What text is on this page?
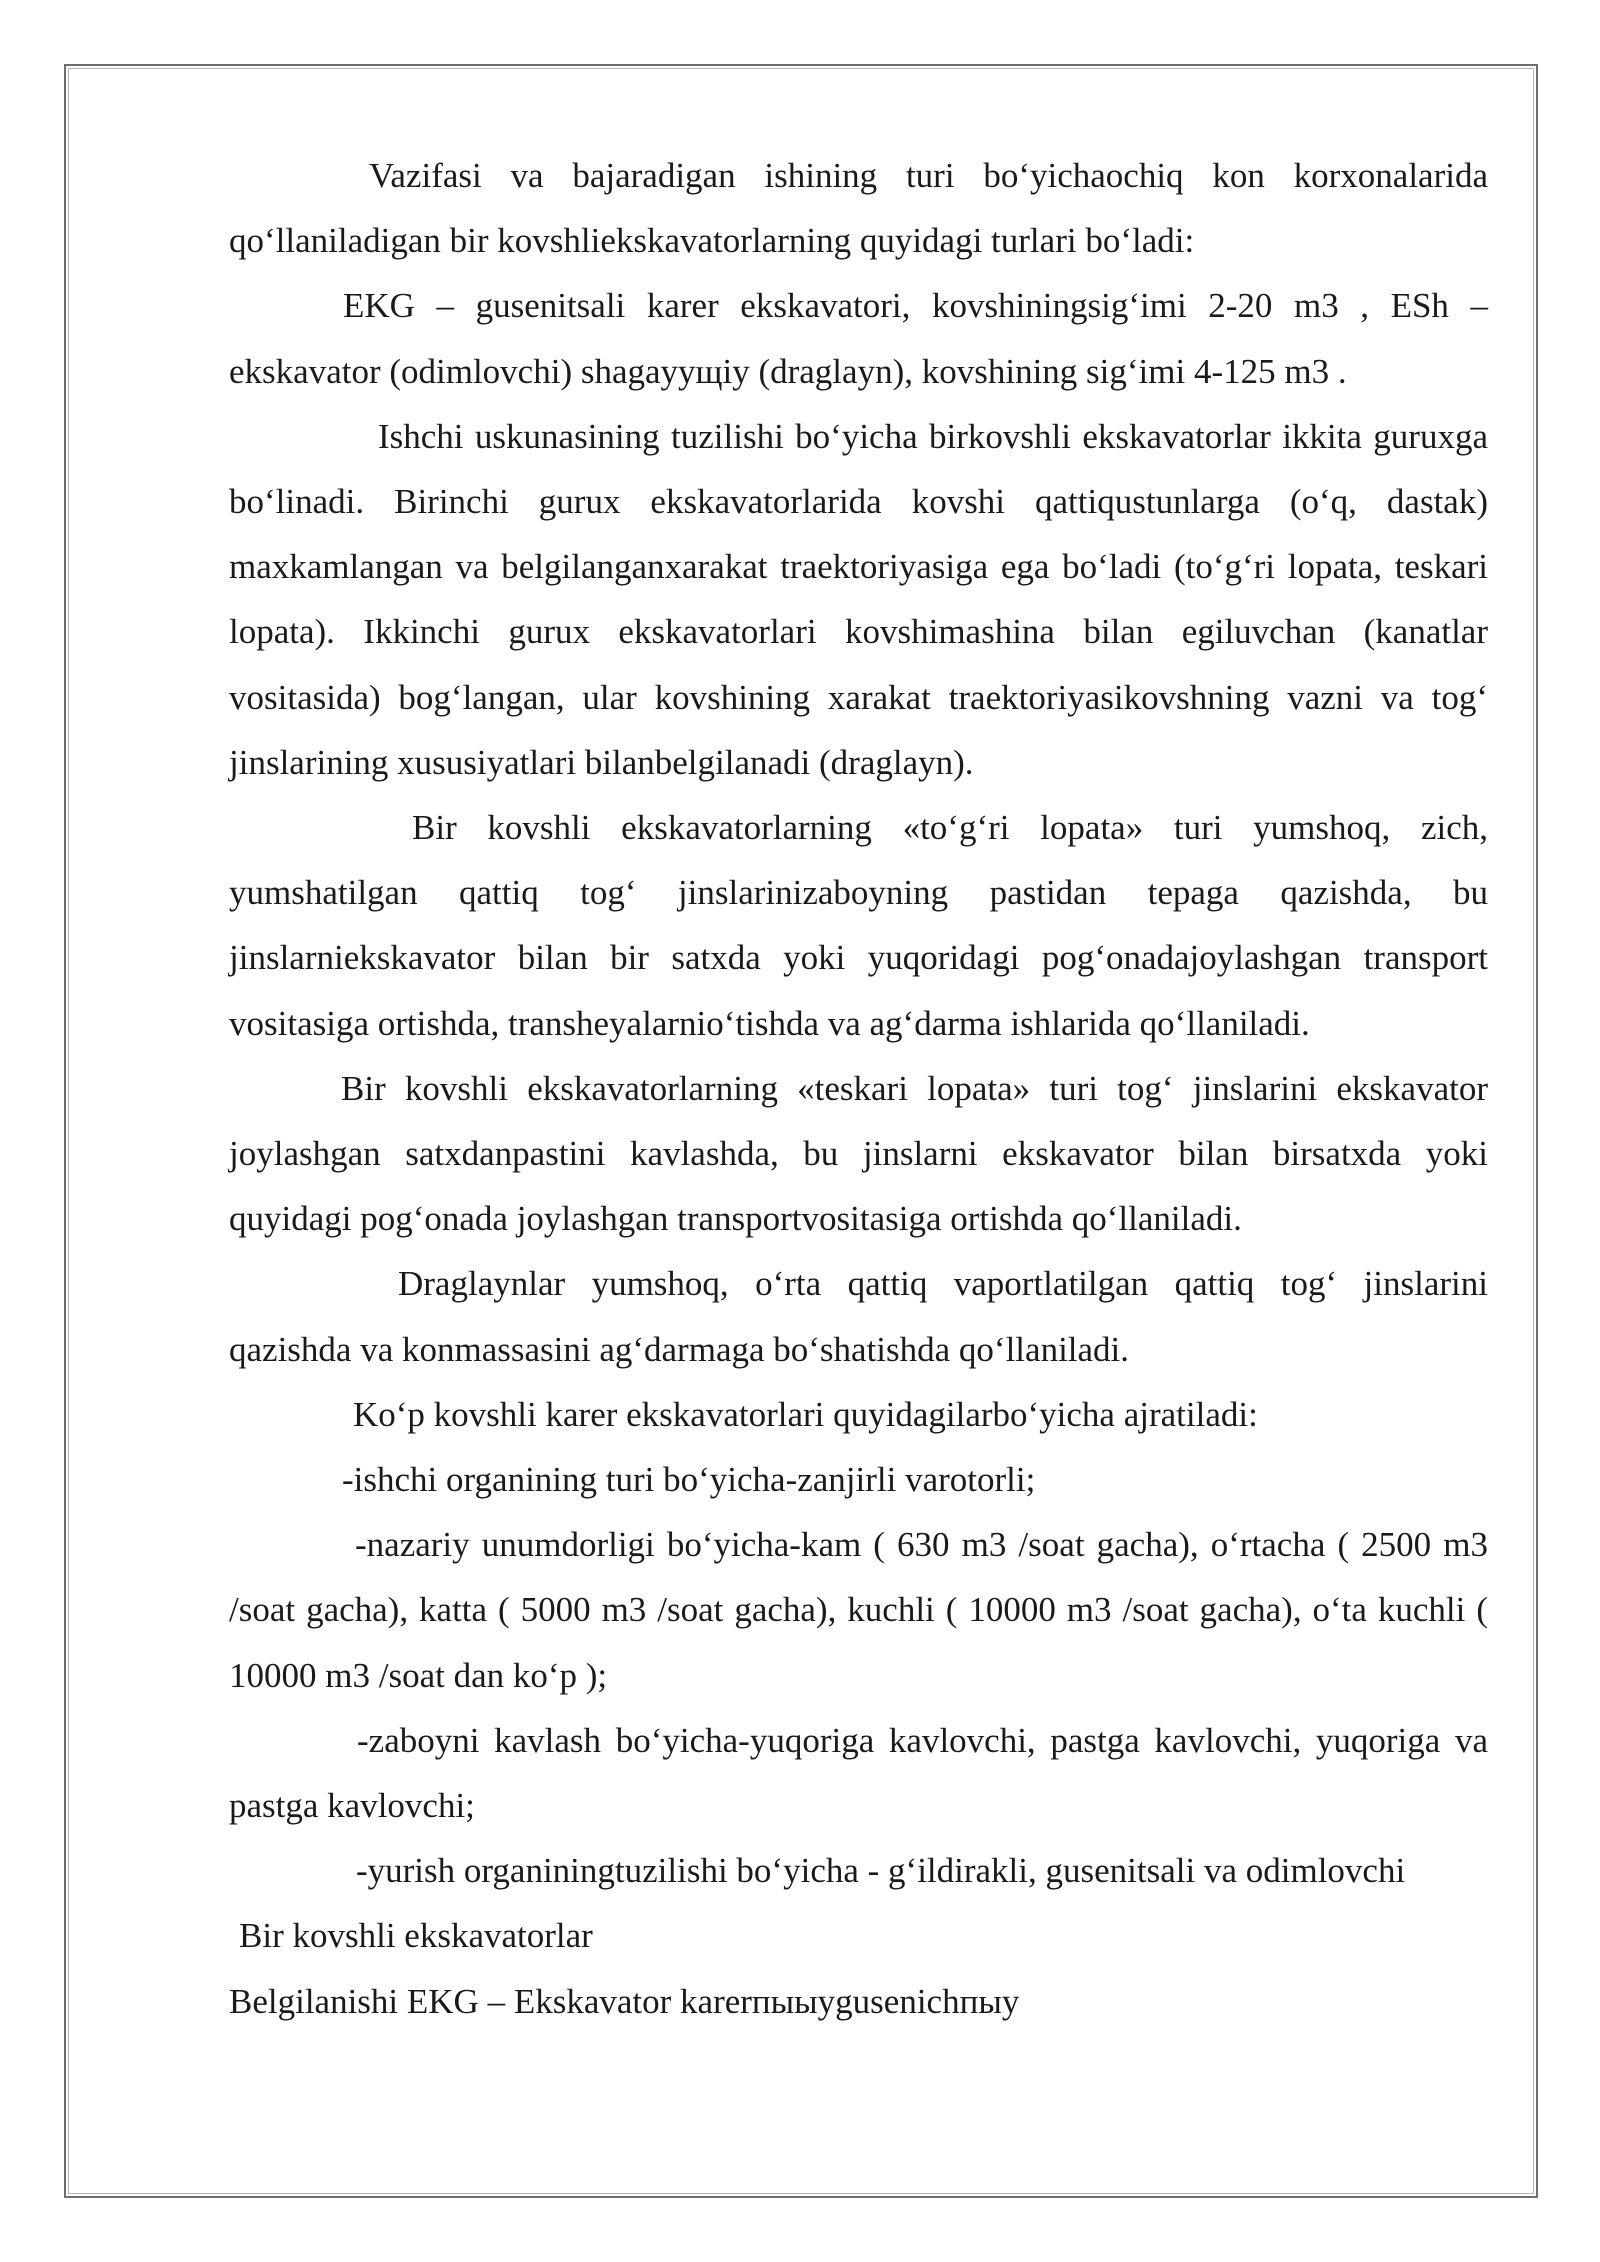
Vazifasi va bajaradigan ishining turi bo‘yichaochiq kon korxonalarida qo‘llaniladigan bir kovshliekskavatorlarning quyidagi turlari bo‘ladi:

EKG – gusenitsali karer ekskavatori, kovshiningsig‘imi 2-20 m3 , ESh – ekskavator (odimlovchi) shagayущiy (draglayn), kovshining sig‘imi 4-125 m3 .

Ishchi uskunasining tuzilishi bo‘yicha birkovshli ekskavatorlar ikkita guruxga bo‘linadi. Birinchi gurux ekskavatorlarida kovshi qattiqustunlarga (o‘q, dastak) maxkamlangan va belgilanganxarakat traektoriyasiga ega bo‘ladi (to‘g‘ri lopata, teskari lopata). Ikkinchi gurux ekskavatorlari kovshimashina bilan egiluvchan (kanatlar vositasida) bog‘langan, ular kovshining xarakat traektoriyasikovshning vazni va tog‘ jinslarining xususiyatlari bilanbelgilanadi (draglayn).

Bir kovshli ekskavatorlarning «to‘g‘ri lopata» turi yumshoq, zich, yumshatilgan qattiq tog‘ jinslarinizaboyning pastidan tepaga qazishda, bu jinslarniekskavator bilan bir satxda yoki yuqoridagi pog‘onadajoylashgan transport vositasiga ortishda, transheyalarnio‘tishda va ag‘darma ishlarida qo‘llaniladi.

Bir kovshli ekskavatorlarning «teskari lopata» turi tog‘ jinslarini ekskavator joylashgan satxdanpastini kavlashda, bu jinslarni ekskavator bilan birsatxda yoki quyidagi pog‘onada joylashgan transportvositasiga ortishda qo‘llaniladi.

Draglaynlar yumshoq, o‘rta qattiq vaportlatilgan qattiq tog‘ jinslarini qazishda va konmassasini ag‘darmaga bo‘shatishda qo‘llaniladi.

Ko‘p kovshli karer ekskavatorlari quyidagilarbo‘yicha ajratiladi:

-ishchi organining turi bo‘yicha-zanjirli varotorli;

-nazariy unumdorligi bo‘yicha-kam ( 630 m3 /soat gacha), o‘rtacha ( 2500 m3 /soat gacha), katta ( 5000 m3 /soat gacha), kuchli ( 10000 m3 /soat gacha), o‘ta kuchli ( 10000 m3 /soat dan ko‘p );

-zaboyni kavlash bo‘yicha-yuqoriga kavlovchi, pastga kavlovchi, yuqoriga va pastga kavlovchi;

-yurish organiningtuzilishi bo‘yicha - g‘ildirakli, gusenitsali va odimlovchi

Bir kovshli ekskavatorlar

Belgilanishi EKG – Ekskavator karerпыыygusenichпыy
